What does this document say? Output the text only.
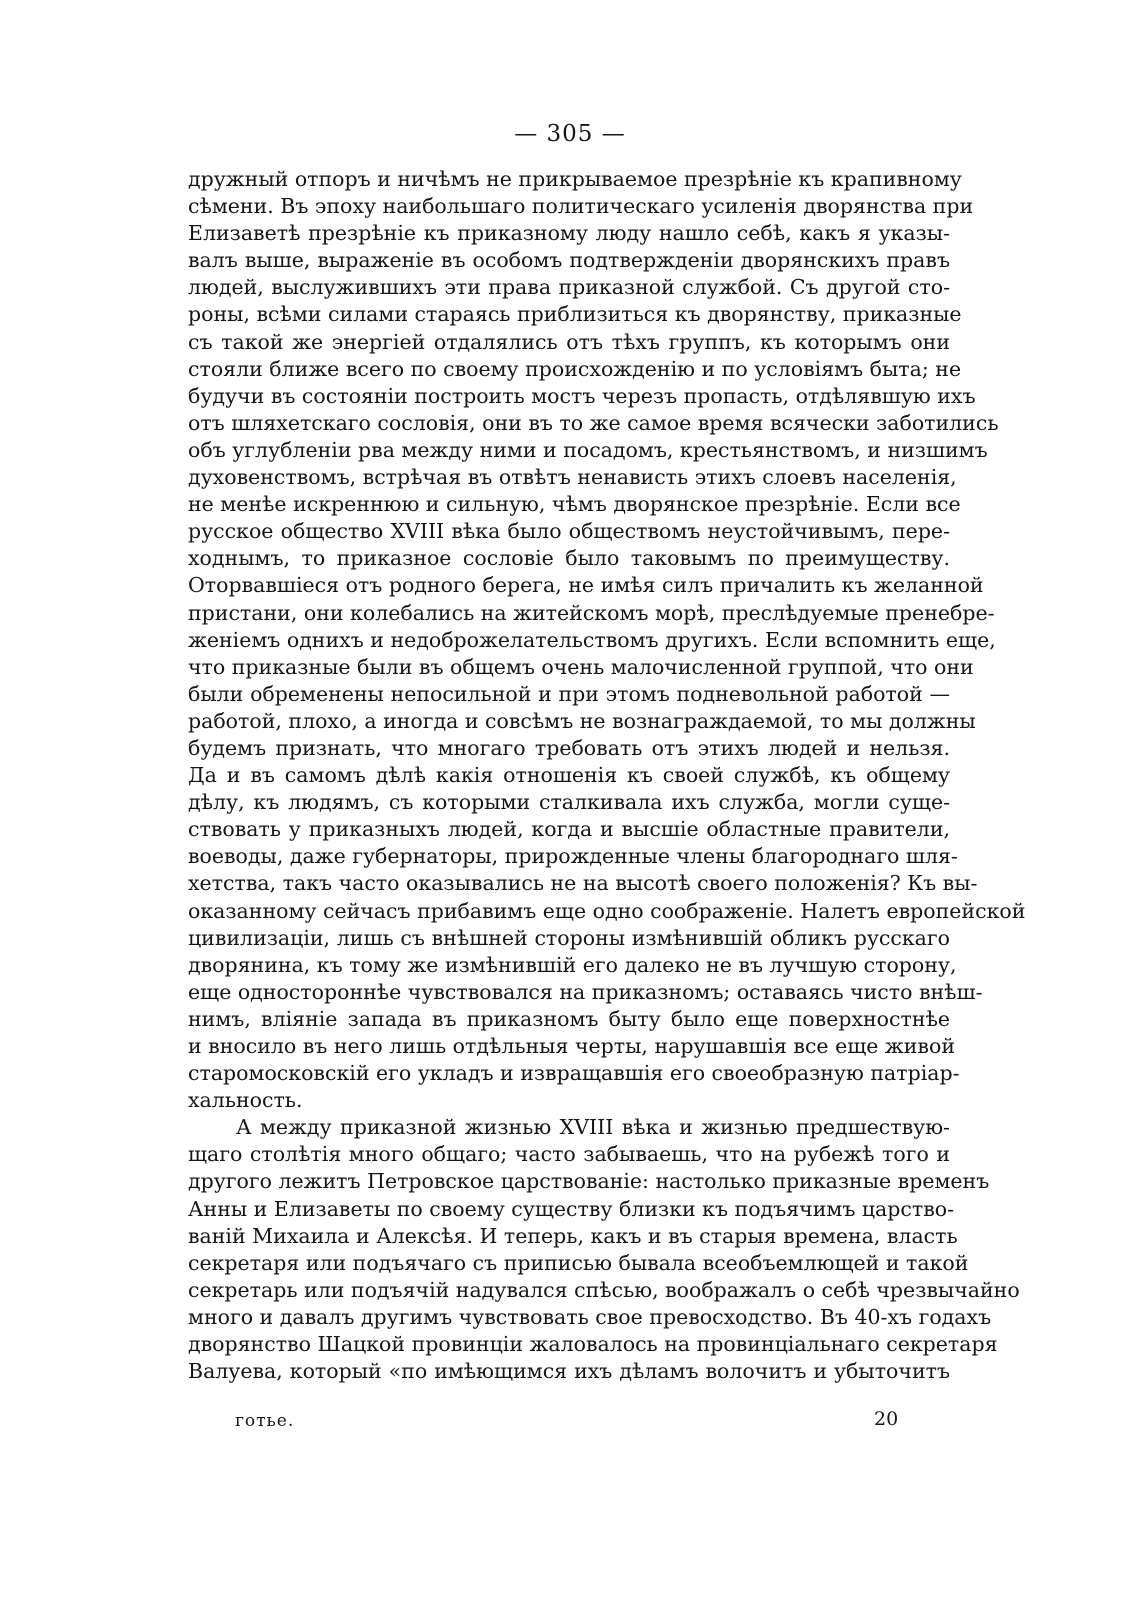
— 305 —
дружный отпоръ и ничѣмъ не прикрываемое презрѣніе къ крапивному
сѣмени. Въ эпоху наибольшаго политическаго усиленія дворянства при
Елизаветѣ презрѣніе къ приказному люду нашло себѣ, какъ я указы-
валъ выше, выраженіе въ особомъ подтвержденіи дворянскихъ правъ
людей, выслужившихъ эти права приказной службой. Съ другой сто-
роны, всѣми силами стараясь приблизиться къ дворянству, приказные
съ такой же энергіей отдалялись отъ тѣхъ группъ, къ которымъ они
стояли ближе всего по своему происхожденію и по условіямъ быта; не
будучи въ состояніи построить мостъ черезъ пропасть, отдѣлявшую ихъ
отъ шляхетскаго сословія, они въ то же самое время всячески заботились
объ углубленіи рва между ними и посадомъ, крестьянствомъ, и низшимъ
духовенствомъ, встрѣчая въ отвѣтъ ненависть этихъ слоевъ населенія,
не менѣе искреннюю и сильную, чѣмъ дворянское презрѣніе. Если все
русское общество XVIII вѣка было обществомъ неустойчивымъ, пере-
ходнымъ, то приказное сословіе было таковымъ по преимуществу.
Оторвавшіеся отъ родного берега, не имѣя силъ причалить къ желанной
пристани, они колебались на житейскомъ морѣ, преслѣдуемые пренебре-
женіемъ однихъ и недоброжелательствомъ другихъ. Если вспомнить еще,
что приказные были въ общемъ очень малочисленной группой, что они
были обременены непосильной и при этомъ подневольной работой —
работой, плохо, а иногда и совсѣмъ не вознаграждаемой, то мы должны
будемъ признать, что многаго требовать отъ этихъ людей и нельзя.
Да и въ самомъ дѣлѣ какія отношенія къ своей службѣ, къ общему
дѣлу, къ людямъ, съ которыми сталкивала ихъ служба, могли суще-
ствовать у приказныхъ людей, когда и высшіе областные правители,
воеводы, даже губернаторы, прирожденные члены благороднаго шля-
хетства, такъ часто оказывались не на высотѣ своего положенія? Къ вы-
оказанному сейчасъ прибавимъ еще одно соображеніе. Налетъ европейской
цивилизаціи, лишь съ внѣшней стороны измѣнившій обликъ русскаго
дворянина, къ тому же измѣнившій его далеко не въ лучшую сторону,
еще одностороннѣе чувствовался на приказномъ; оставаясь чисто внѣш-
нимъ, вліяніе запада въ приказномъ быту было еще поверхностнѣе
и вносило въ него лишь отдѣльныя черты, нарушавшія все еще живой
старомосковскій его укладъ и извращавшія его своеобразную патріар-
хальность.
А между приказной жизнью XVIII вѣка и жизнью предшествую-
щаго столѣтія много общаго; часто забываешь, что на рубежѣ того и
другого лежитъ Петровское царствованіе: настолько приказные временъ
Анны и Елизаветы по своему существу близки къ подъячимъ царство-
ваній Михаила и Алексѣя. И теперь, какъ и въ старыя времена, власть
секретаря или подъячаго съ приписью бывала всеобъемлющей и такой
секретарь или подъячій надувался спѣсью, воображалъ о себѣ чрезвычайно
много и давалъ другимъ чувствовать свое превосходство. Въ 40-хъ годахъ
дворянство Шацкой провинціи жаловалось на провинціальнаго секретаря
Валуева, который «по имѣющимся ихъ дѣламъ волочитъ и убыточитъ
готье.	20
